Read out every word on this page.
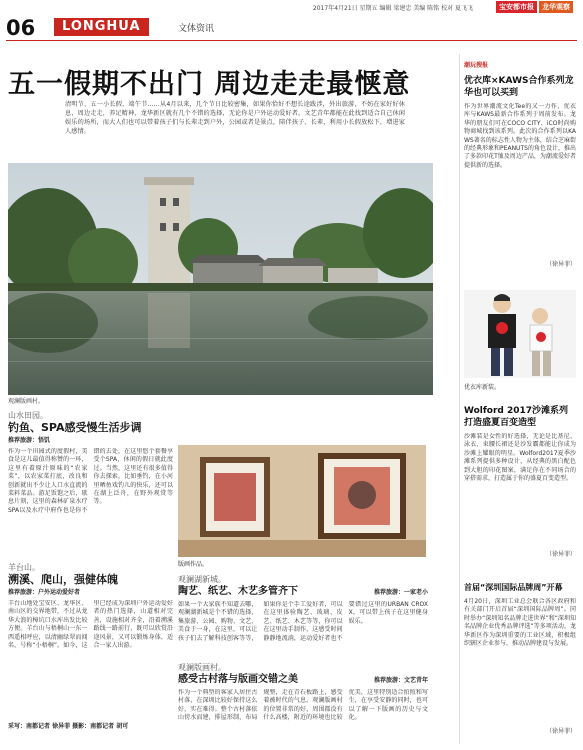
2017年4月21日 星期五 编辑 梁建忠 美编 陈铭 校对 夏飞飞	宝安都市报	龙华观察
06	LONGHUA	文体资讯
五一假期不出门 周边走走最惬意
清明节、五一小长假、端午节……从4月以来，几个节日比较密集，如果你恰好不想长途跋涉，外出旅游，不妨在家好好休息，周边走走，养足精神，龙华新区就有几个不错的选择，无论你是户外运动爱好者，文艺青年都能在此找到适合自己休闲娱乐的场所，而大人们也可以带着孩子们与长辈走到户外，公园或者是景点，陪伴孩子、长辈，利用小长假放松下，增进家人感情。
观澜版画村。
山水田园。
钓鱼、SPA感受慢生活步调
推荐旅游：悟饥
作为一个田园式的度假村，美食是这儿最值得称赞的一环，这里有着原汁原味的“农家菜”，以农家菜打底，改良和创新就出不少让人口水直流的菜料菜品。游足饭饱之后，歇息片刻，这里的森林矿泉水疗SPA以及水疗中府作也是你不错的去处，在这里悠个套餐享受个SPA，休闲的假日就此度过。当然，这里还有很多值得你去探索，比如垂钓，在小河里晒鱼戏钓儿的快乐，还可以在湖上泛舟，在野外观赏等等。
羊台山。
溯溪、爬山，强健体魄
推荐旅游：户外运动爱好者
羊台山地处宝安区、龙华区、南山区的交界地带，不过从龙华大浪的樟坑口水库出发比较方便。羊台山与梧桐山一东一西遥相呼应，以清幽绿翠而闻名，号称“小梧桐”。如今，这里已经成为深圳户外运动爱好者的热门选择，山道相对完善，设施相对齐全，沿着溯溪路线一路前行，既可以欣赏沿途风景，又可以锻炼身体，适合一家人出游。
采写：南都记者 徐异菲 摄影：南都记者 胡可
版画作品。
观澜湖新城。
陶艺、纸艺、木艺多管齐下	推荐旅游：一家老小
如果一个大家族不知道去哪，观澜湖新城是个不错的选择，集旅游、公园、购物、文艺、美食于一身，在这里，可以让孩子们去了解科技创客等等，如果你是个手工爱好者，可以在这里体验陶艺、玻璃、皮艺、纸艺、木艺等等，你可以在这里动手制作，这感受时间静静地流淌，运动爱好者也不要错过这里的URBAN CROXX，可以带上孩子在这里健身娱乐。
观澜版画村。
感受古村落与版画交错之美	推荐旅游：文艺青年
作为一个典型的客家人居住古村落，在深圳比较好保持这么好，实在难得。整个古村落依山傍水而建，排屋形制，布局规整，走在青石板路上，感受着被时代的气息。观澜版画村的位置非常的好，周围都没有什么高楼，附近的环境也比较优美，这里特别适合拍照和写生，在享受安静的同时，也可以了解一下版画的历史与文化。
潮玩搜报
优衣库×KAWS合作系列龙华也可以买到
作为世界潮流文化Tee的又一力作，优衣库与KAWS最新合作系列于周前发布。龙华的朋友们可在COCO CITY、iCO时尚购物商城找到该系列。此次的合作系列以KAWS著名的标志性人物为主体，结合芝麻街的经典形象和PEANUTS的角色设计，推出了多款印花T恤及周边产品，为潮流爱好者提供新的选择。
（徐异菲）
优衣库新装。
Wolford 2017沙滩系列打造盛夏百变造型
沙滩装是女性的好选择，无论是比基尼、泳衣、束腰长裙还是沙发霸都能让你成为沙滩上耀眼的明星。Wolford2017夏季沙滩系列提供多种设计，从经典的黑白配色到大胆的印花图案，满足你在不同场合的穿搭需求，打造属于你的盛夏百变造型。
（徐异菲）
首届“深圳国际品牌周”开幕
4月20日，深圳工业总会联合各区政府和有关部门开启首届“深圳国际品牌周”。同时举办“深圳知名品牌走进世界”和“深圳知名品牌企业优秀品牌评选”等多项活动，龙华新区作为深圳重要的工业区域，积极组织辖区企业参与，推动品牌建设与发展。
（徐异菲）
